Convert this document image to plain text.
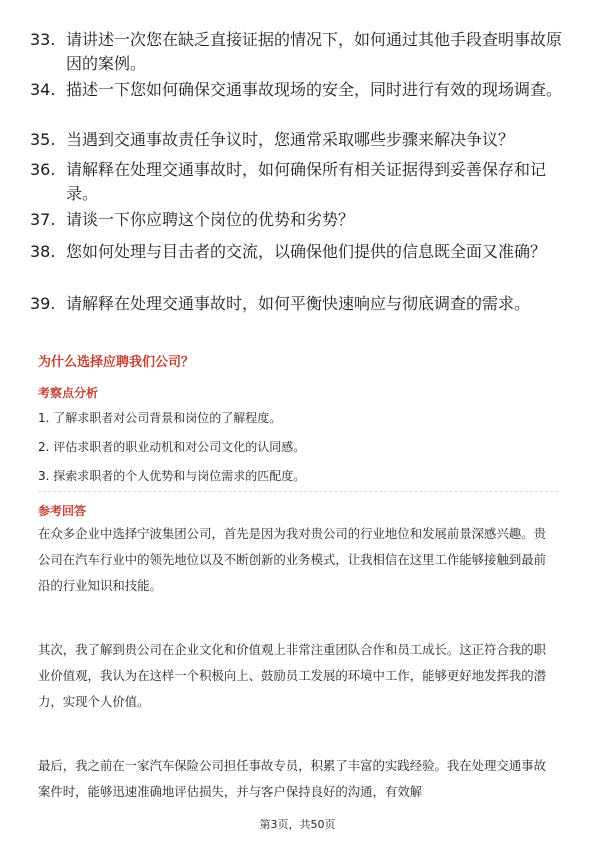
33. 请讲述一次您在缺乏直接证据的情况下，如何通过其他手段查明事故原因的案例。
34. 描述一下您如何确保交通事故现场的安全，同时进行有效的现场调查。
35. 当遇到交通事故责任争议时，您通常采取哪些步骤来解决争议？
36. 请解释在处理交通事故时，如何确保所有相关证据得到妥善保存和记录。
37. 请谈一下你应聘这个岗位的优势和劣势？
38. 您如何处理与目击者的交流，以确保他们提供的信息既全面又准确？
39. 请解释在处理交通事故时，如何平衡快速响应与彻底调查的需求。
为什么选择应聘我们公司？
考察点分析
1. 了解求职者对公司背景和岗位的了解程度。
2. 评估求职者的职业动机和对公司文化的认同感。
3. 探索求职者的个人优势和与岗位需求的匹配度。
参考回答
在众多企业中选择宁波集团公司，首先是因为我对贵公司的行业地位和发展前景深感兴趣。贵公司在汽车行业中的领先地位以及不断创新的业务模式，让我相信在这里工作能够接触到最前沿的行业知识和技能。
其次，我了解到贵公司在企业文化和价值观上非常注重团队合作和员工成长。这正符合我的职业价值观，我认为在这样一个积极向上、鼓励员工发展的环境中工作，能够更好地发挥我的潜力，实现个人价值。
最后，我之前在一家汽车保险公司担任事故专员，积累了丰富的实践经验。我在处理交通事故案件时，能够迅速准确地评估损失，并与客户保持良好的沟通，有效解
第3页，共50页
